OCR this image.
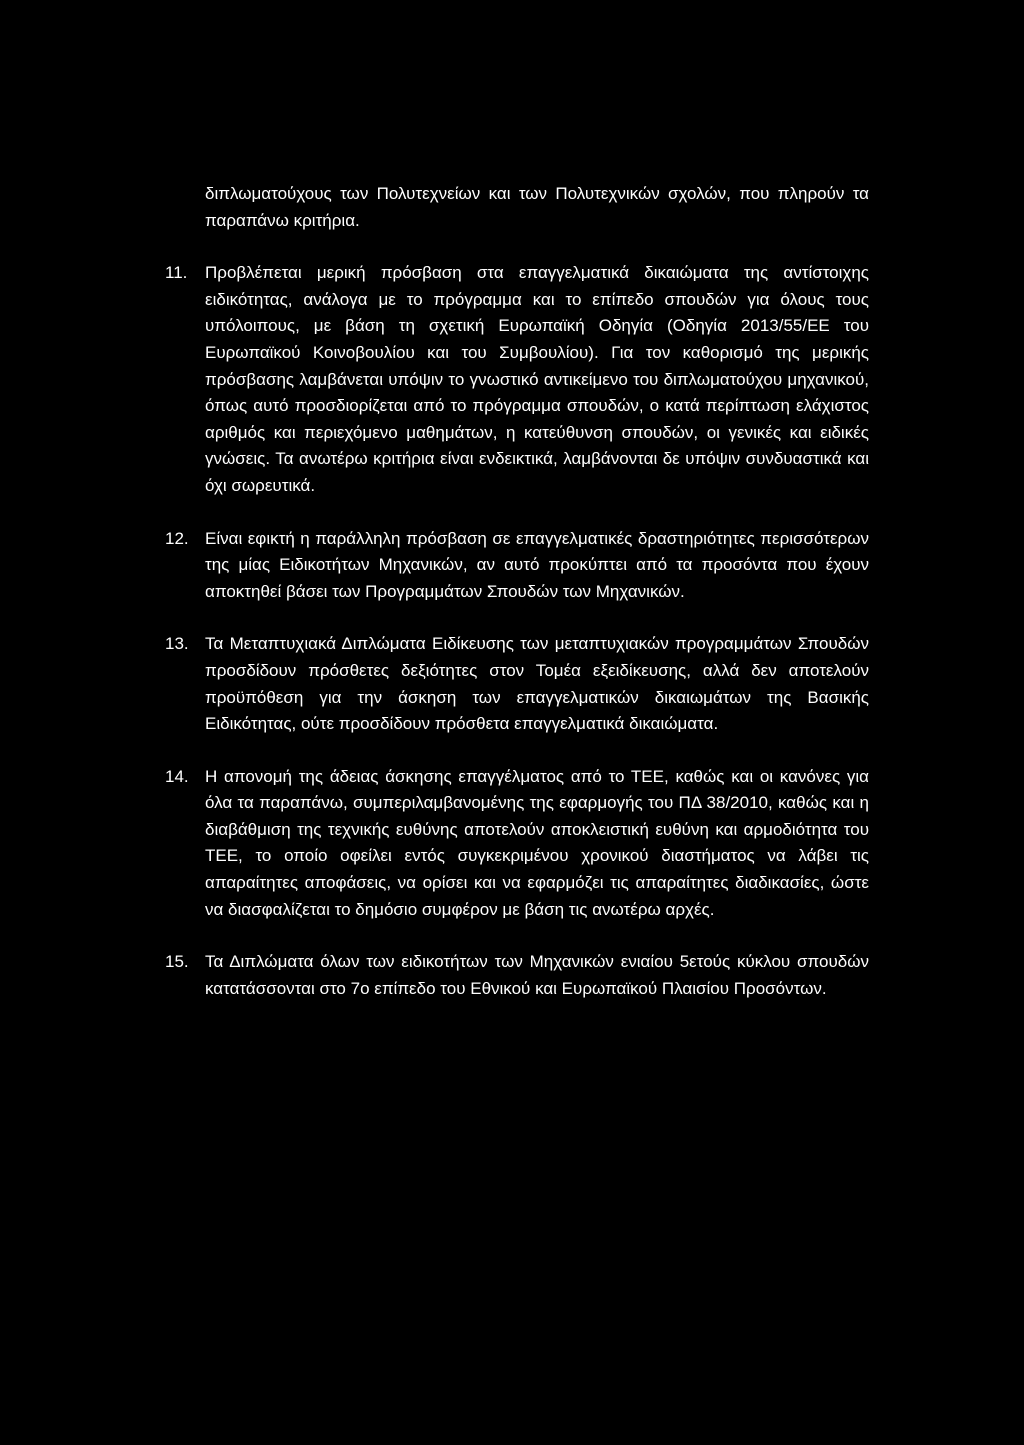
διπλωματούχους των Πολυτεχνείων και των Πολυτεχνικών σχολών, που πληρούν τα παραπάνω κριτήρια.

11.	Προβλέπεται μερική πρόσβαση στα επαγγελματικά δικαιώματα της αντίστοιχης ειδικότητας, ανάλογα με το πρόγραμμα και το επίπεδο σπουδών για όλους τους υπόλοιπους, με βάση τη σχετική Ευρωπαϊκή Οδηγία (Οδηγία 2013/55/ΕΕ του Ευρωπαϊκού Κοινοβουλίου και του Συμβουλίου). Για τον καθορισμό της μερικής πρόσβασης λαμβάνεται υπόψιν το γνωστικό αντικείμενο του διπλωματούχου μηχανικού, όπως αυτό προσδιορίζεται από το πρόγραμμα σπουδών, ο κατά περίπτωση ελάχιστος αριθμός και περιεχόμενο μαθημάτων, η κατεύθυνση σπουδών, οι γενικές και ειδικές γνώσεις. Τα ανωτέρω κριτήρια είναι ενδεικτικά, λαμβάνονται δε υπόψιν συνδυαστικά και όχι σωρευτικά.
12. Είναι εφικτή η παράλληλη πρόσβαση σε επαγγελματικές δραστηριότητες περισσότερων της μίας Ειδικοτήτων Μηχανικών, αν αυτό προκύπτει από τα προσόντα που έχουν αποκτηθεί βάσει των Προγραμμάτων Σπουδών των Μηχανικών.
13. Τα Μεταπτυχιακά Διπλώματα Ειδίκευσης των μεταπτυχιακών προγραμμάτων Σπουδών προσδίδουν πρόσθετες δεξιότητες στον Τομέα εξειδίκευσης, αλλά δεν αποτελούν προϋπόθεση για την άσκηση των επαγγελματικών δικαιωμάτων της Βασικής Ειδικότητας, ούτε προσδίδουν πρόσθετα επαγγελματικά δικαιώματα.
14. Η απονομή της άδειας άσκησης επαγγέλματος από το ΤΕΕ, καθώς και οι κανόνες για όλα τα παραπάνω, συμπεριλαμβανομένης της εφαρμογής του ΠΔ 38/2010, καθώς και η διαβάθμιση της τεχνικής ευθύνης αποτελούν αποκλειστική ευθύνη και αρμοδιότητα του ΤΕΕ, το οποίο οφείλει εντός συγκεκριμένου χρονικού διαστήματος να λάβει τις απαραίτητες αποφάσεις, να ορίσει και να εφαρμόζει τις απαραίτητες διαδικασίες, ώστε να διασφαλίζεται το δημόσιο συμφέρον με βάση τις ανωτέρω αρχές.
15. Τα Διπλώματα όλων των ειδικοτήτων των Μηχανικών ενιαίου 5ετούς κύκλου σπουδών κατατάσσονται στο 7ο επίπεδο του Εθνικού και Ευρωπαϊκού Πλαισίου Προσόντων.
